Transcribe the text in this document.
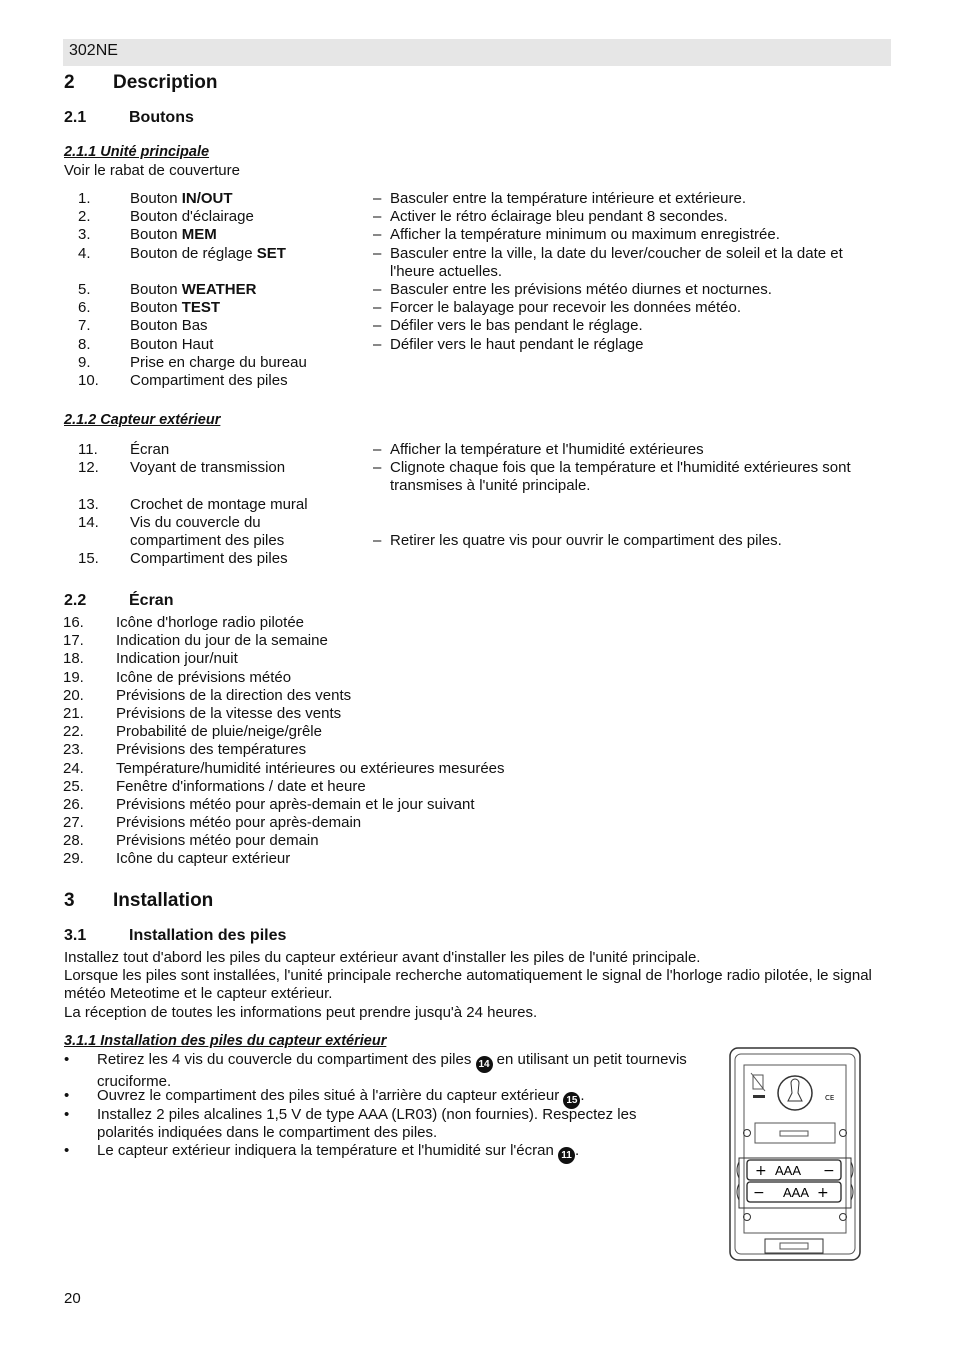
302NE
2 Description
2.1	Boutons
2.1.1 Unité principale
Voir le rabat de couverture
1.	Bouton IN/OUT	– Basculer entre la température intérieure et extérieure.
2.	Bouton d'éclairage	– Activer le rétro éclairage bleu pendant 8 secondes.
3.	Bouton MEM	– Afficher la température minimum ou maximum enregistrée.
4.	Bouton de réglage SET	– Basculer entre la ville, la date du lever/coucher de soleil et la date et l'heure actuelles.
5.	Bouton WEATHER	– Basculer entre les prévisions météo diurnes et nocturnes.
6.	Bouton TEST	– Forcer le balayage pour recevoir les données météo.
7.	Bouton Bas	– Défiler vers le bas pendant le réglage.
8.	Bouton Haut	– Défiler vers le haut pendant le réglage
9.	Prise en charge du bureau
10. Compartiment des piles
2.1.2 Capteur extérieur
11. Écran	– Afficher la température et l'humidité extérieures
12. Voyant de transmission	– Clignote chaque fois que la température et l'humidité extérieures sont transmises à l'unité principale.
13. Crochet de montage mural
14. Vis du couvercle du
compartiment des piles	– Retirer les quatre vis pour ouvrir le compartiment des piles.
15. Compartiment des piles
2.2	Écran
16. Icône d'horloge radio pilotée
17. Indication du jour de la semaine
18. Indication jour/nuit
19. Icône de prévisions météo
20. Prévisions de la direction des vents
21. Prévisions de la vitesse des vents
22. Probabilité de pluie/neige/grêle
23. Prévisions des températures
24. Température/humidité intérieures ou extérieures mesurées
25. Fenêtre d'informations / date et heure
26. Prévisions météo pour après-demain et le jour suivant
27. Prévisions météo pour après-demain
28. Prévisions météo pour demain
29. Icône du capteur extérieur
3 Installation
3.1	Installation des piles
Installez tout d'abord les piles du capteur extérieur avant d'installer les piles de l'unité principale.
Lorsque les piles sont installées, l'unité principale recherche automatiquement le signal de l'horloge radio pilotée, le signal météo Meteotime et le capteur extérieur.
La réception de toutes les informations peut prendre jusqu'à 24 heures.
3.1.1 Installation des piles du capteur extérieur
• Retirez les 4 vis du couvercle du compartiment des piles 14 en utilisant un petit tournevis cruciforme.
• Ouvrez le compartiment des piles situé à l'arrière du capteur extérieur 15 .
• Installez 2 piles alcalines 1,5 V de type AAA (LR03) (non fournies). Respectez les polarités indiquées dans le compartiment des piles.
• Le capteur extérieur indiquera la température et l'humidité sur l'écran 11 .
CE
+ AAA −
− AAA +
20
